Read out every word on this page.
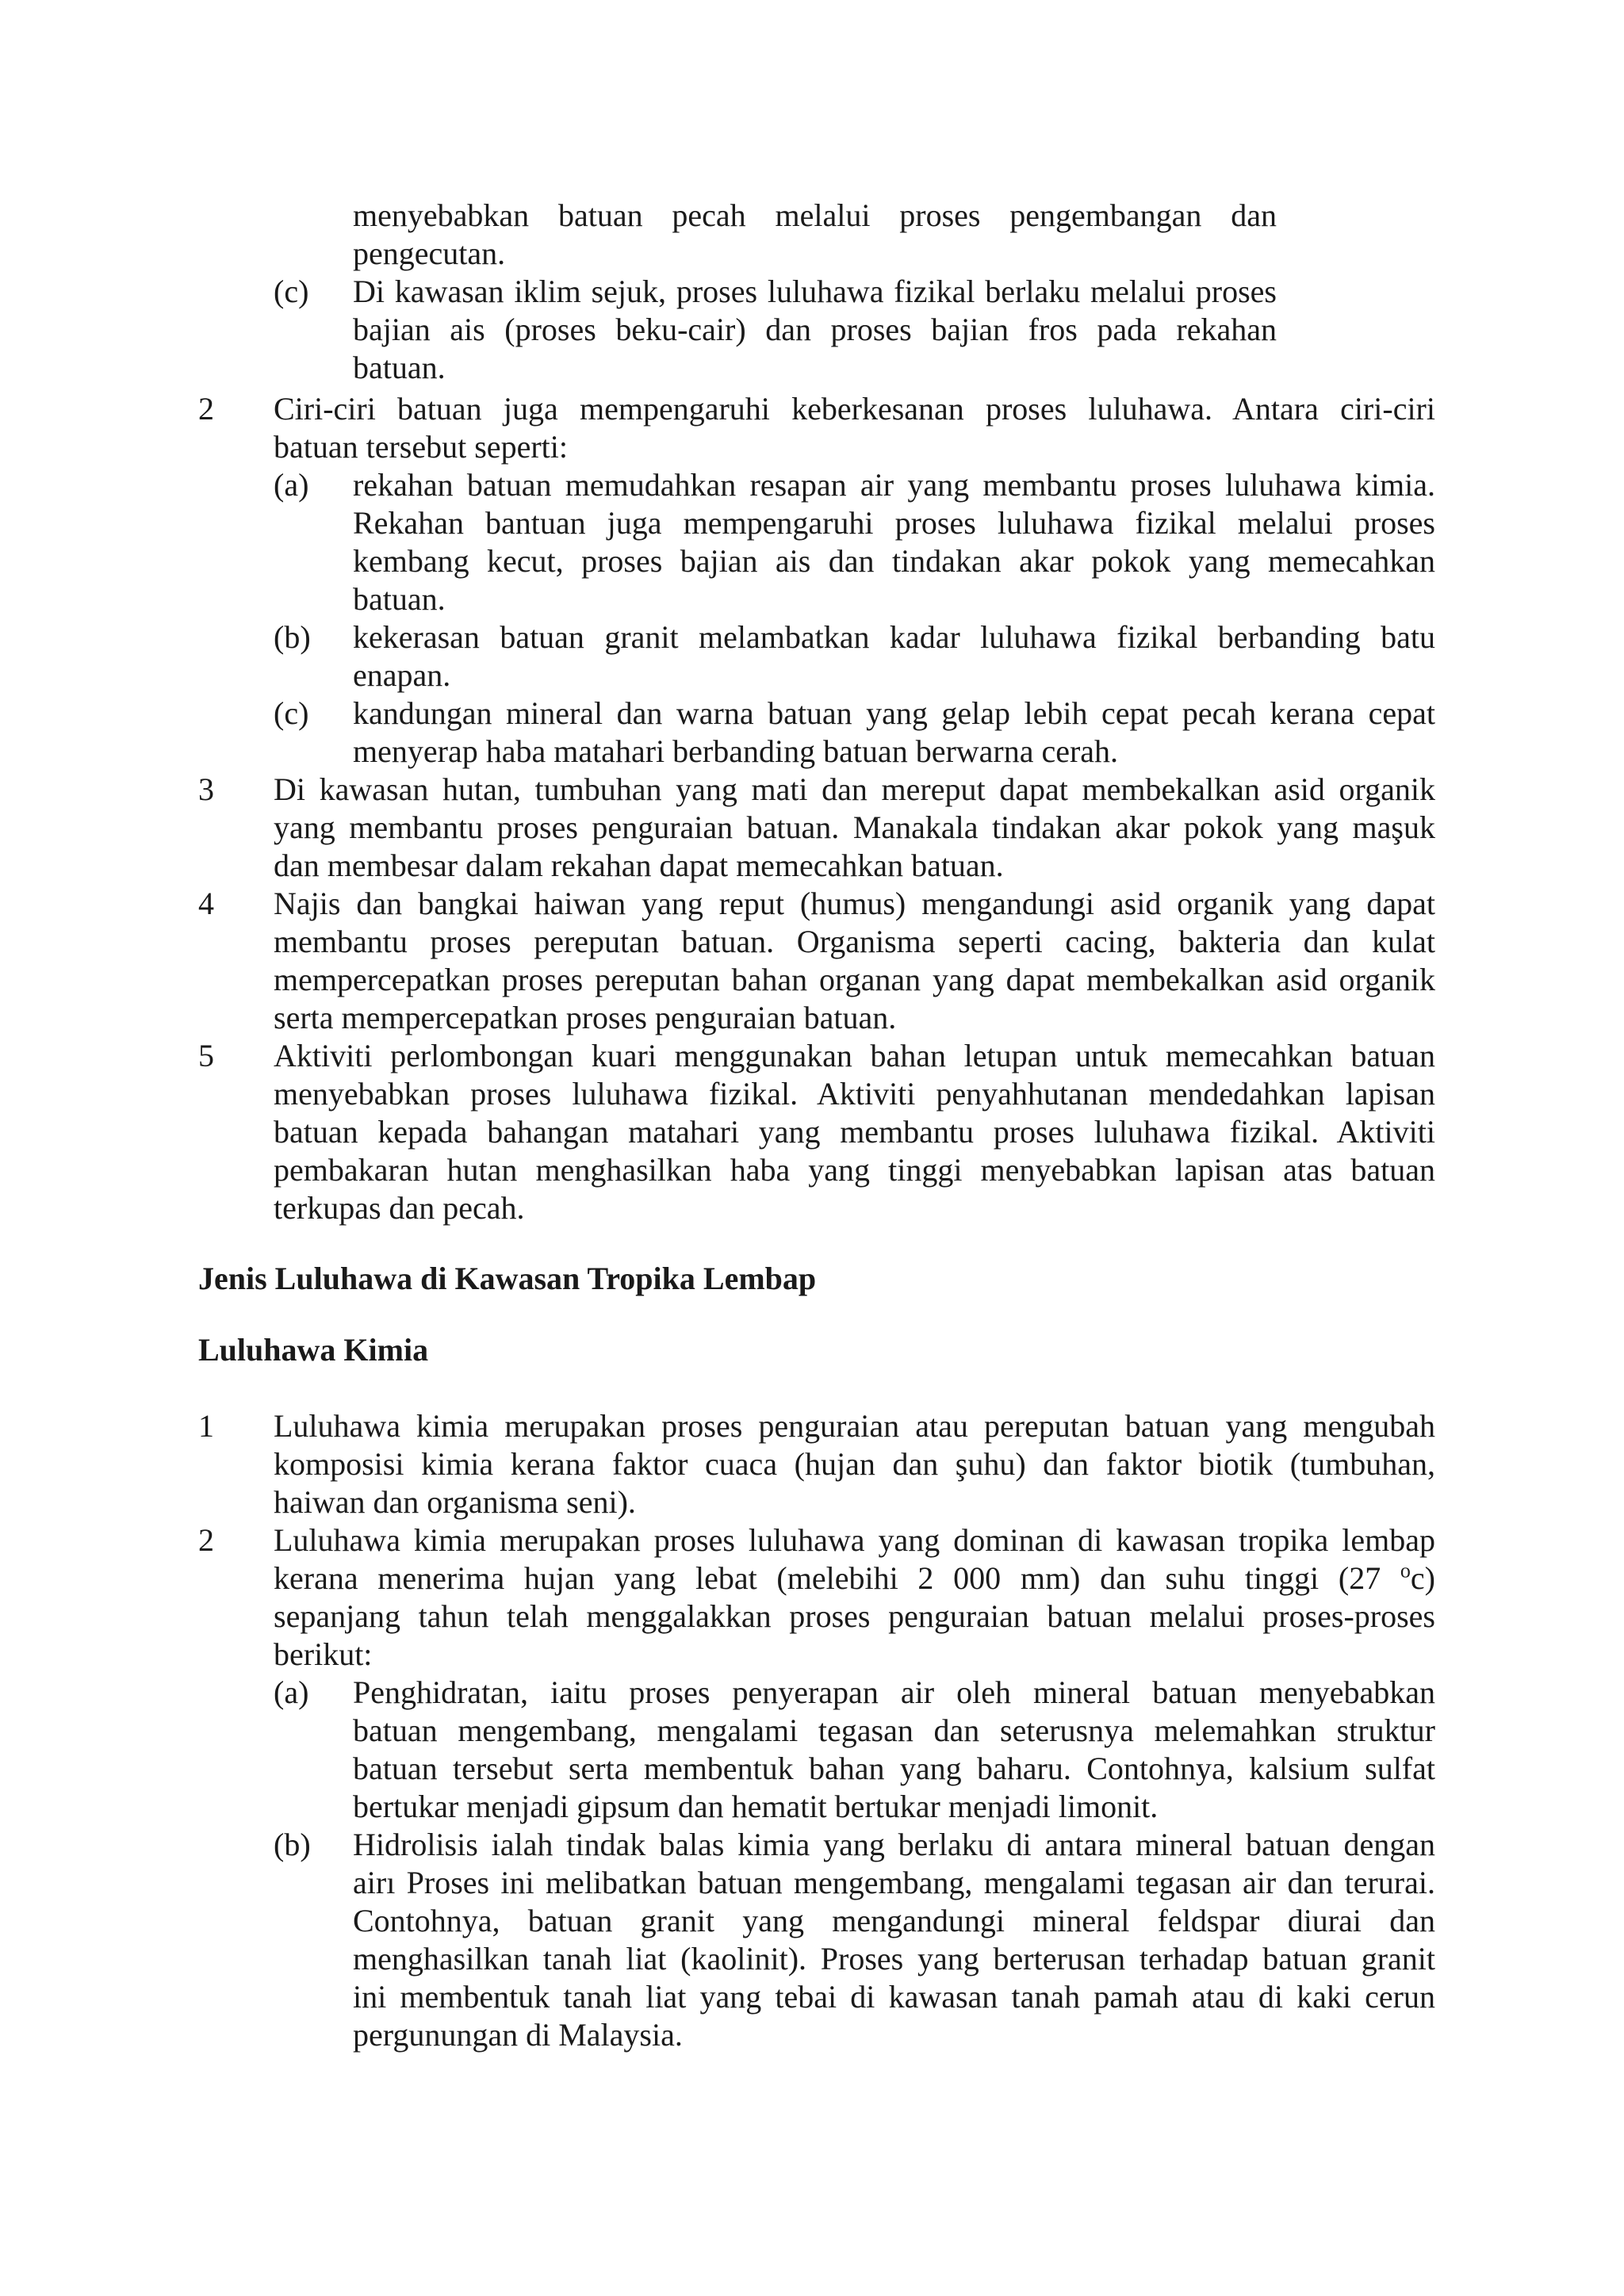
menyebabkan batuan pecah melalui proses pengembangan dan
pengecutan.
(c) Di kawasan iklim sejuk, proses luluhawa fizikal berlaku melalui proses
bajian ais (proses beku-cair) dan proses bajian fros pada rekahan
batuan.
2 Ciri-ciri batuan juga mempengaruhi keberkesanan proses luluhawa. Antara ciri-ciri
batuan tersebut seperti:
(a) rekahan batuan memudahkan resapan air yang membantu proses luluhawa kimia.
Rekahan bantuan juga mempengaruhi proses luluhawa fizikal melalui proses
kembang kecut, proses bajian ais dan tindakan akar pokok yang memecahkan
batuan.
(b) kekerasan batuan granit melambatkan kadar luluhawa fizikal berbanding batu
enapan.
(c) kandungan mineral dan warna batuan yang gelap lebih cepat pecah kerana cepat
menyerap haba matahari berbanding batuan berwarna cerah.
3 Di kawasan hutan, tumbuhan yang mati dan mereput dapat membekalkan asid organik
yang membantu proses penguraian batuan. Manakala tindakan akar pokok yang maşuk
dan membesar dalam rekahan dapat memecahkan batuan.
4 Najis dan bangkai haiwan yang reput (humus) mengandungi asid organik yang dapat
membantu proses pereputan batuan. Organisma seperti cacing, bakteria dan kulat
mempercepatkan proses pereputan bahan organan yang dapat membekalkan asid organik
serta mempercepatkan proses penguraian batuan.
5 Aktiviti perlombongan kuari menggunakan bahan letupan untuk memecahkan batuan
menyebabkan proses luluhawa fizikal. Aktiviti penyahhutanan mendedahkan lapisan
batuan kepada bahangan matahari yang membantu proses luluhawa fizikal. Aktiviti
pembakaran hutan menghasilkan haba yang tinggi menyebabkan lapisan atas batuan
terkupas dan pecah.
Jenis Luluhawa di Kawasan Tropika Lembap
Luluhawa Kimia
1 Luluhawa kimia merupakan proses penguraian atau pereputan batuan yang mengubah
komposisi kimia kerana faktor cuaca (hujan dan şuhu) dan faktor biotik (tumbuhan,
haiwan dan organisma seni).
2 Luluhawa kimia merupakan proses luluhawa yang dominan di kawasan tropika lembap
kerana menerima hujan yang lebat (melebihi 2 000 mm) dan suhu tinggi (27 $^o$c)
sepanjang tahun telah menggalakkan proses penguraian batuan melalui proses-proses
berikut:
(a) Penghidratan, iaitu proses penyerapan air oleh mineral batuan menyebabkan
batuan mengembang, mengalami tegasan dan seterusnya melemahkan struktur
batuan tersebut serta membentuk bahan yang baharu. Contohnya, kalsium sulfat
bertukar menjadi gipsum dan hematit bertukar menjadi limonit.
(b) Hidrolisis ialah tindak balas kimia yang berlaku di antara mineral batuan dengan
airı Proses ini melibatkan batuan mengembang, mengalami tegasan air dan terurai.
Contohnya, batuan granit yang mengandungi mineral feldspar diurai dan
menghasilkan tanah liat (kaolinit). Proses yang berterusan terhadap batuan granit
ini membentuk tanah liat yang tebai di kawasan tanah pamah atau di kaki cerun
pergunungan di Malaysia.
